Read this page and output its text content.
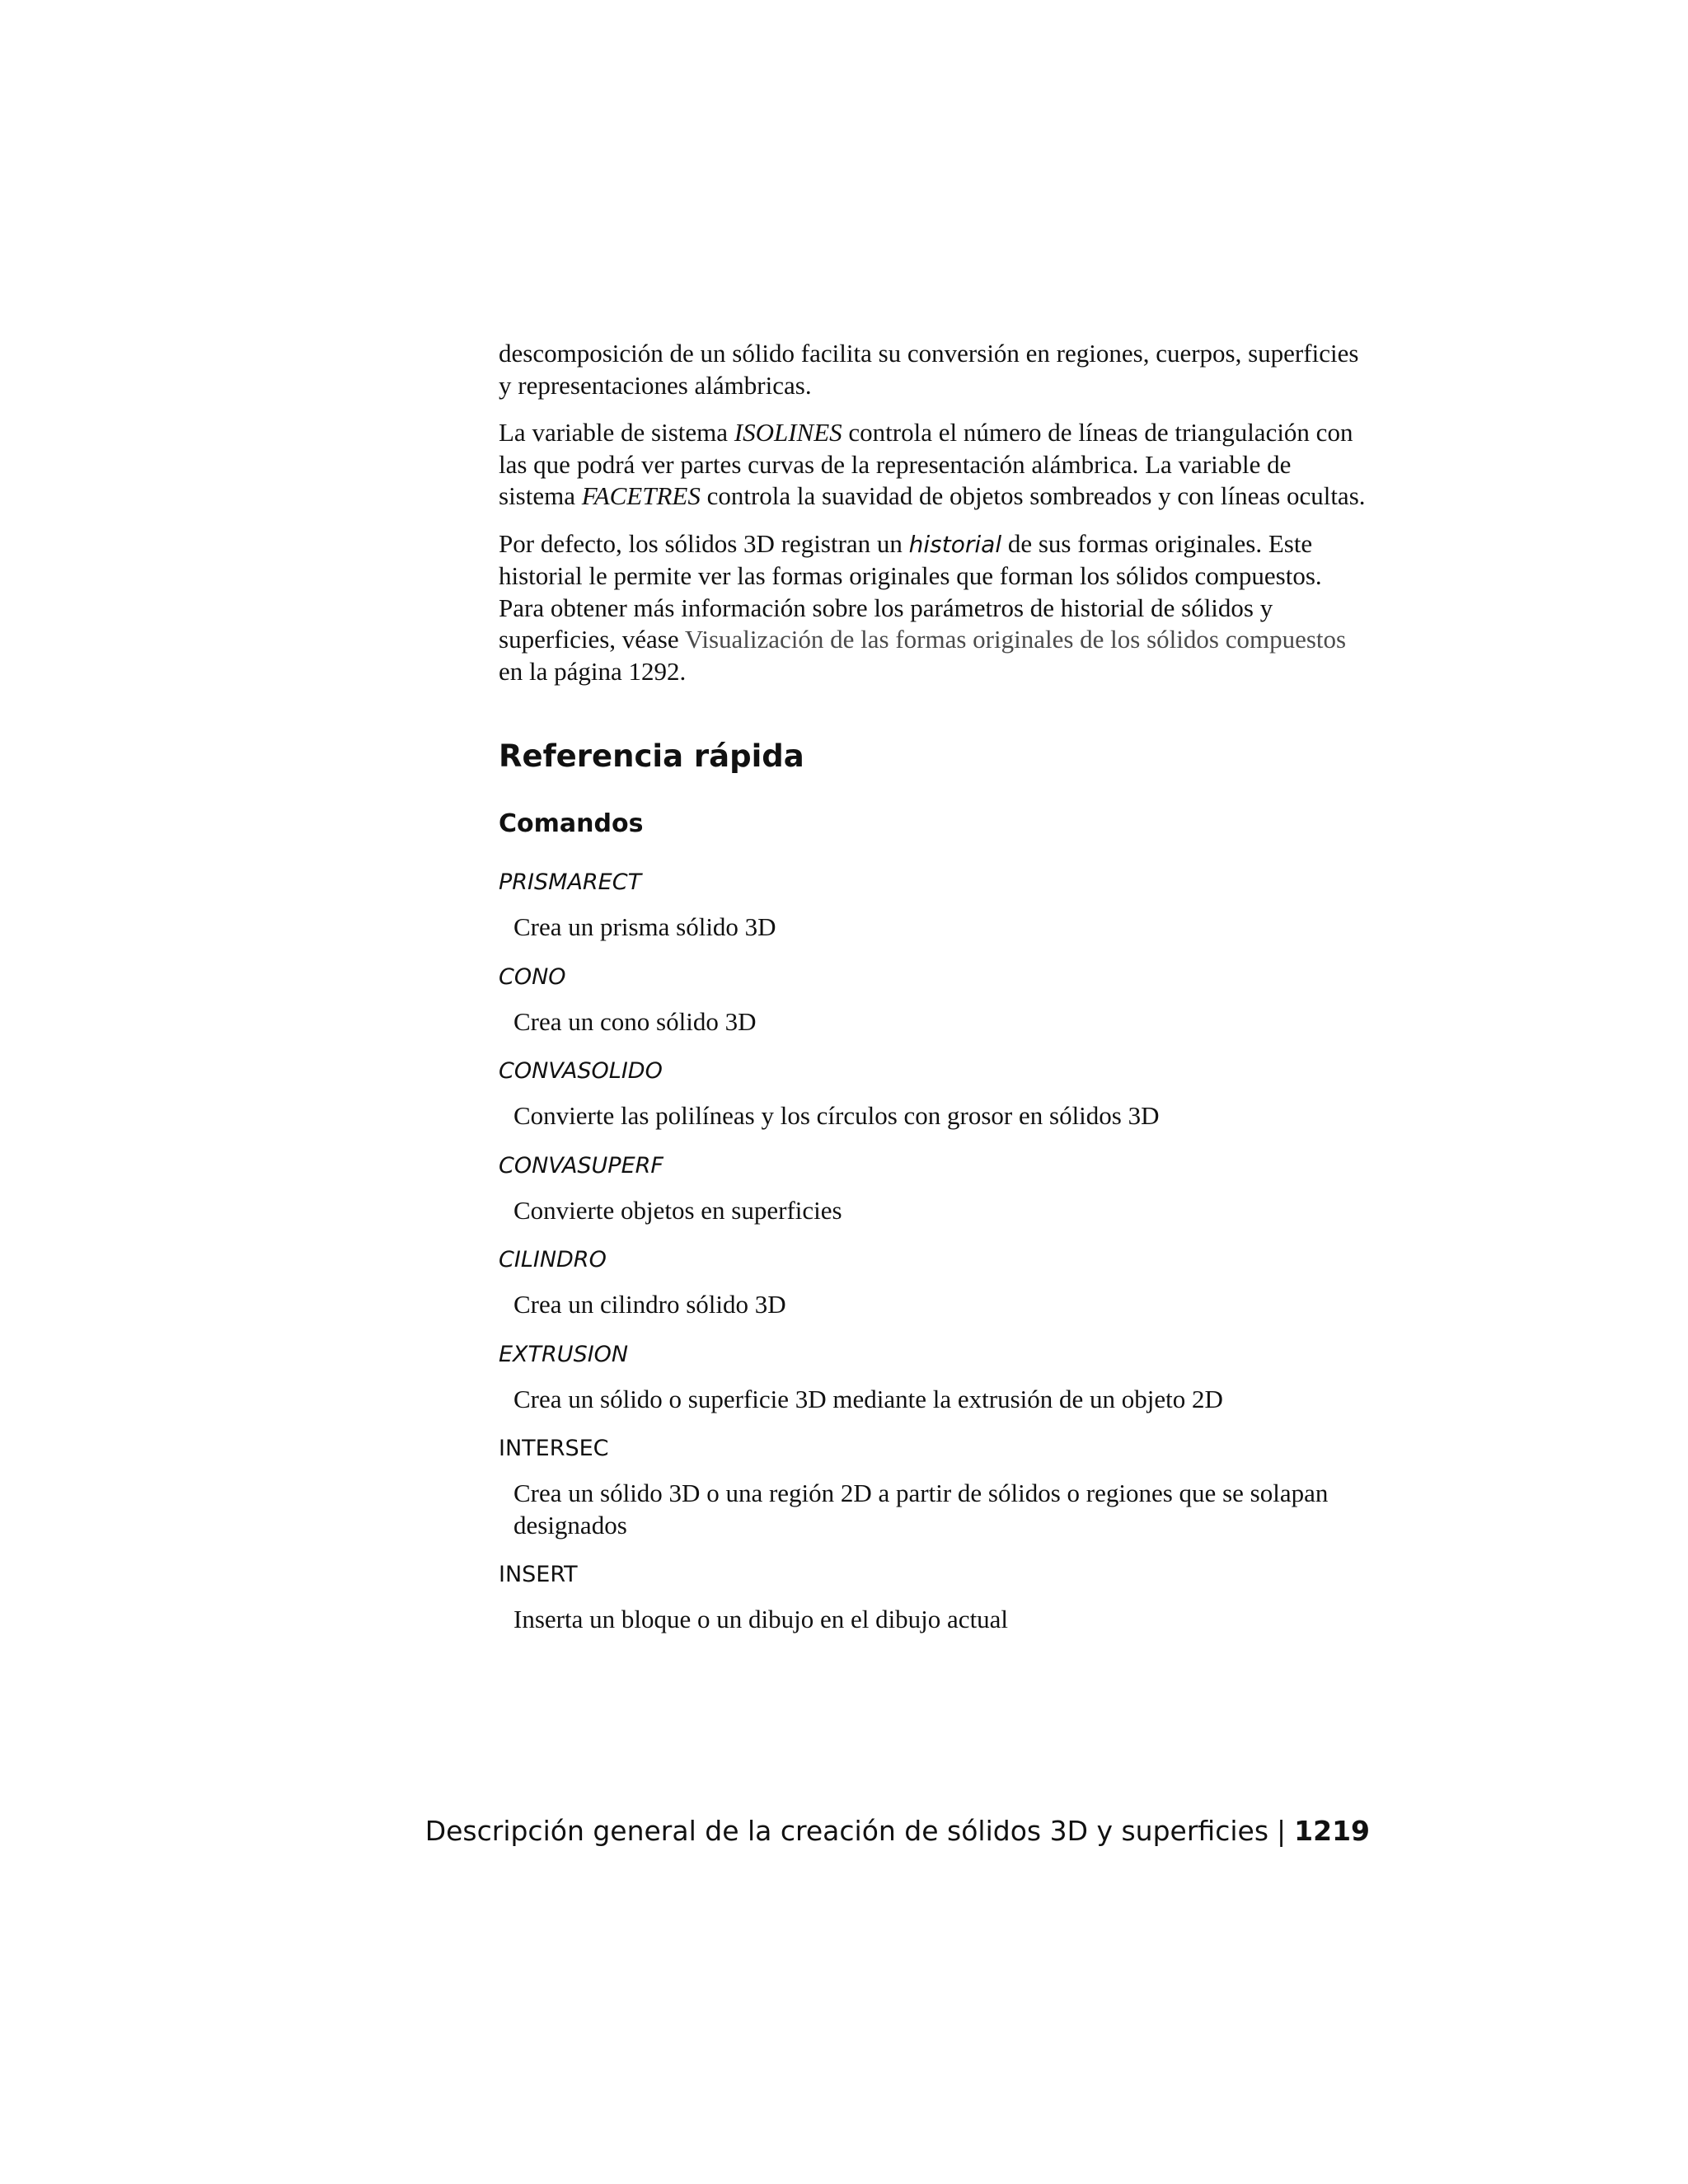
descomposición de un sólido facilita su conversión en regiones, cuerpos, superficies y representaciones alámbricas.

La variable de sistema ISOLINES controla el número de líneas de triangulación con las que podrá ver partes curvas de la representación alámbrica. La variable de sistema FACETRES controla la suavidad de objetos sombreados y con líneas ocultas.

Por defecto, los sólidos 3D registran un historial de sus formas originales. Este historial le permite ver las formas originales que forman los sólidos compuestos. Para obtener más información sobre los parámetros de historial de sólidos y superficies, véase Visualización de las formas originales de los sólidos compuestos en la página 1292.

Referencia rápida
Comandos

PRISMARECT

Crea un prisma sólido 3D

CONO

Crea un cono sólido 3D

CONVASOLIDO

Convierte las polilíneas y los círculos con grosor en sólidos 3D

CONVASUPERF

Convierte objetos en superficies

CILINDRO

Crea un cilindro sólido 3D

EXTRUSION

Crea un sólido o superficie 3D mediante la extrusión de un objeto 2D

INTERSEC

Crea un sólido 3D o una región 2D a partir de sólidos o regiones que se solapan designados

INSERT

Inserta un bloque o un dibujo en el dibujo actual

Descripción general de la creación de sólidos 3D y superficies | 1219
